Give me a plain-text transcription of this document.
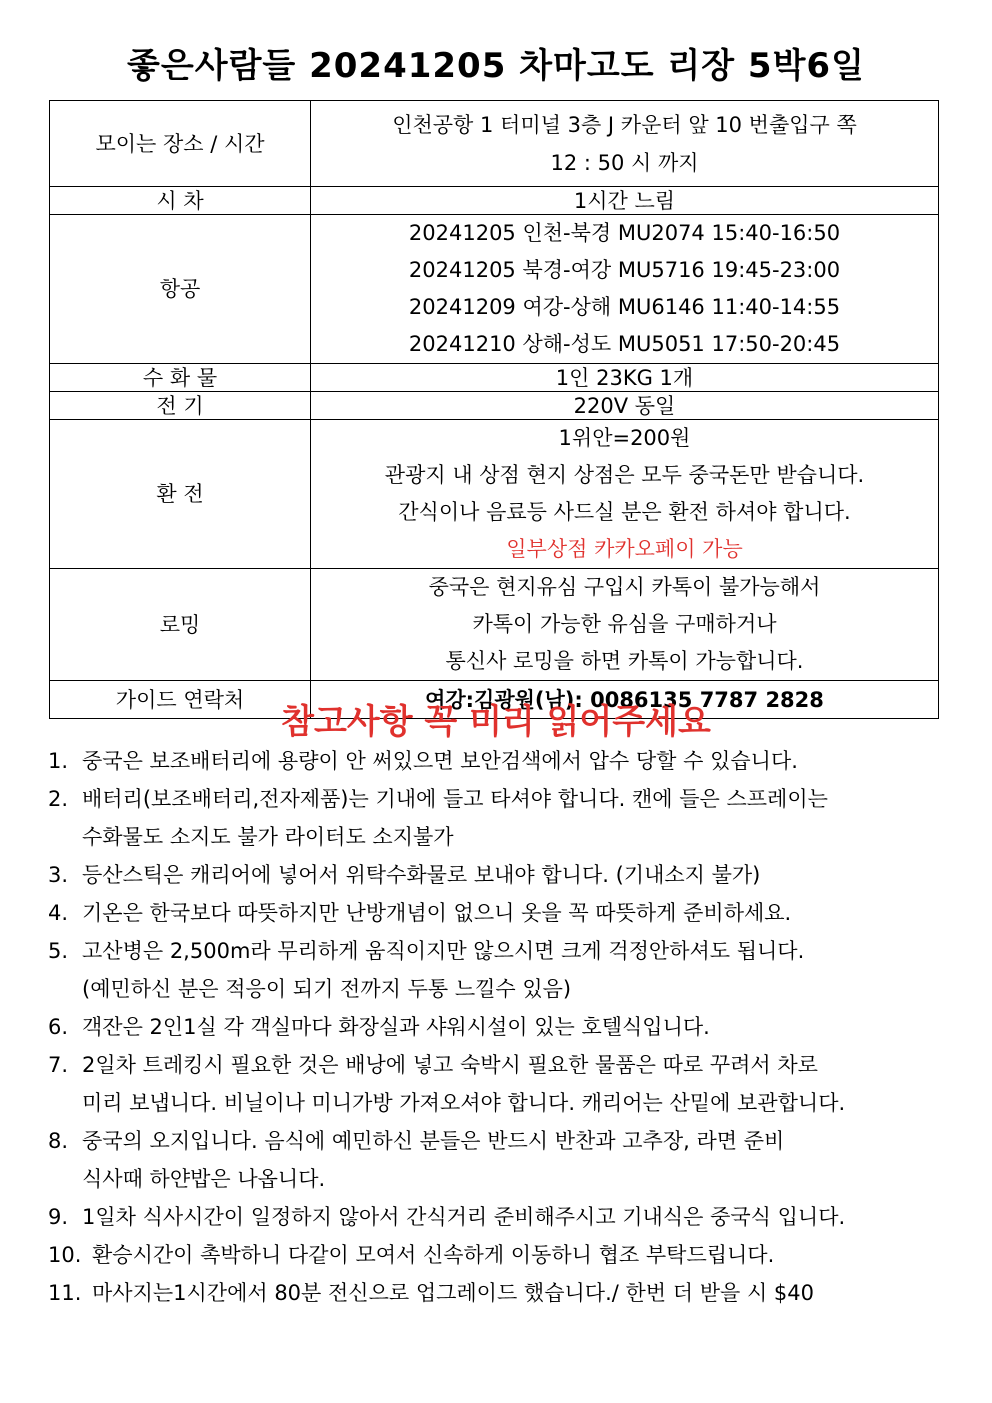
좋은사람들 20241205 차마고도 리장 5박6일
모이는 장소 / 시간	인천공항 1 터미널 3층 J 카운터 앞 10 번출입구 쪽
12 : 50 시 까지

시 차	1시간 느림
항공	20241205 인천-북경 MU2074 15:40-16:50
20241205 북경-여강 MU5716 19:45-23:00
20241209 여강-상해 MU6146 11:40-14:55
20241210 상해-성도 MU5051 17:50-20:45

수 화 물	1인 23KG 1개
전 기	220V 동일
환 전	1위안=200원
관광지 내 상점 현지 상점은 모두 중국돈만 받습니다.
간식이나 음료등 사드실 분은 환전 하셔야 합니다.
일부상점 카카오페이 가능

로밍	중국은 현지유심 구입시 카톡이 불가능해서
카톡이 가능한 유심을 구매하거나
통신사 로밍을 하면 카톡이 가능합니다.

가이드 연락처	여강:김광원(남): 0086135 7787 2828
참고사항 꼭 미리 읽어주세요
1. 중국은 보조배터리에 용량이 안 써있으면 보안검색에서 압수 당할 수 있습니다.
2. 배터리(보조배터리,전자제품)는 기내에 들고 타셔야 합니다. 캔에 들은 스프레이는
수화물도 소지도 불가 라이터도 소지불가
3. 등산스틱은 캐리어에 넣어서 위탁수화물로 보내야 합니다. (기내소지 불가)
4. 기온은 한국보다 따뜻하지만 난방개념이 없으니 옷을 꼭 따뜻하게 준비하세요.
5. 고산병은 2,500m라 무리하게 움직이지만 않으시면 크게 걱정안하셔도 됩니다.
(예민하신 분은 적응이 되기 전까지 두통 느낄수 있음)
6. 객잔은 2인1실 각 객실마다 화장실과 샤워시설이 있는 호텔식입니다.
7. 2일차 트레킹시 필요한 것은 배낭에 넣고 숙박시 필요한 물품은 따로 꾸려서 차로
미리 보냅니다. 비닐이나 미니가방 가져오셔야 합니다. 캐리어는 산밑에 보관합니다.
8. 중국의 오지입니다. 음식에 예민하신 분들은 반드시 반찬과 고추장, 라면 준비
식사때 하얀밥은 나옵니다.
9. 1일차 식사시간이 일정하지 않아서 간식거리 준비해주시고 기내식은 중국식 입니다.
10. 환승시간이 촉박하니 다같이 모여서 신속하게 이동하니 협조 부탁드립니다.
11. 마사지는1시간에서 80분 전신으로 업그레이드 했습니다./ 한번 더 받을 시 $40
